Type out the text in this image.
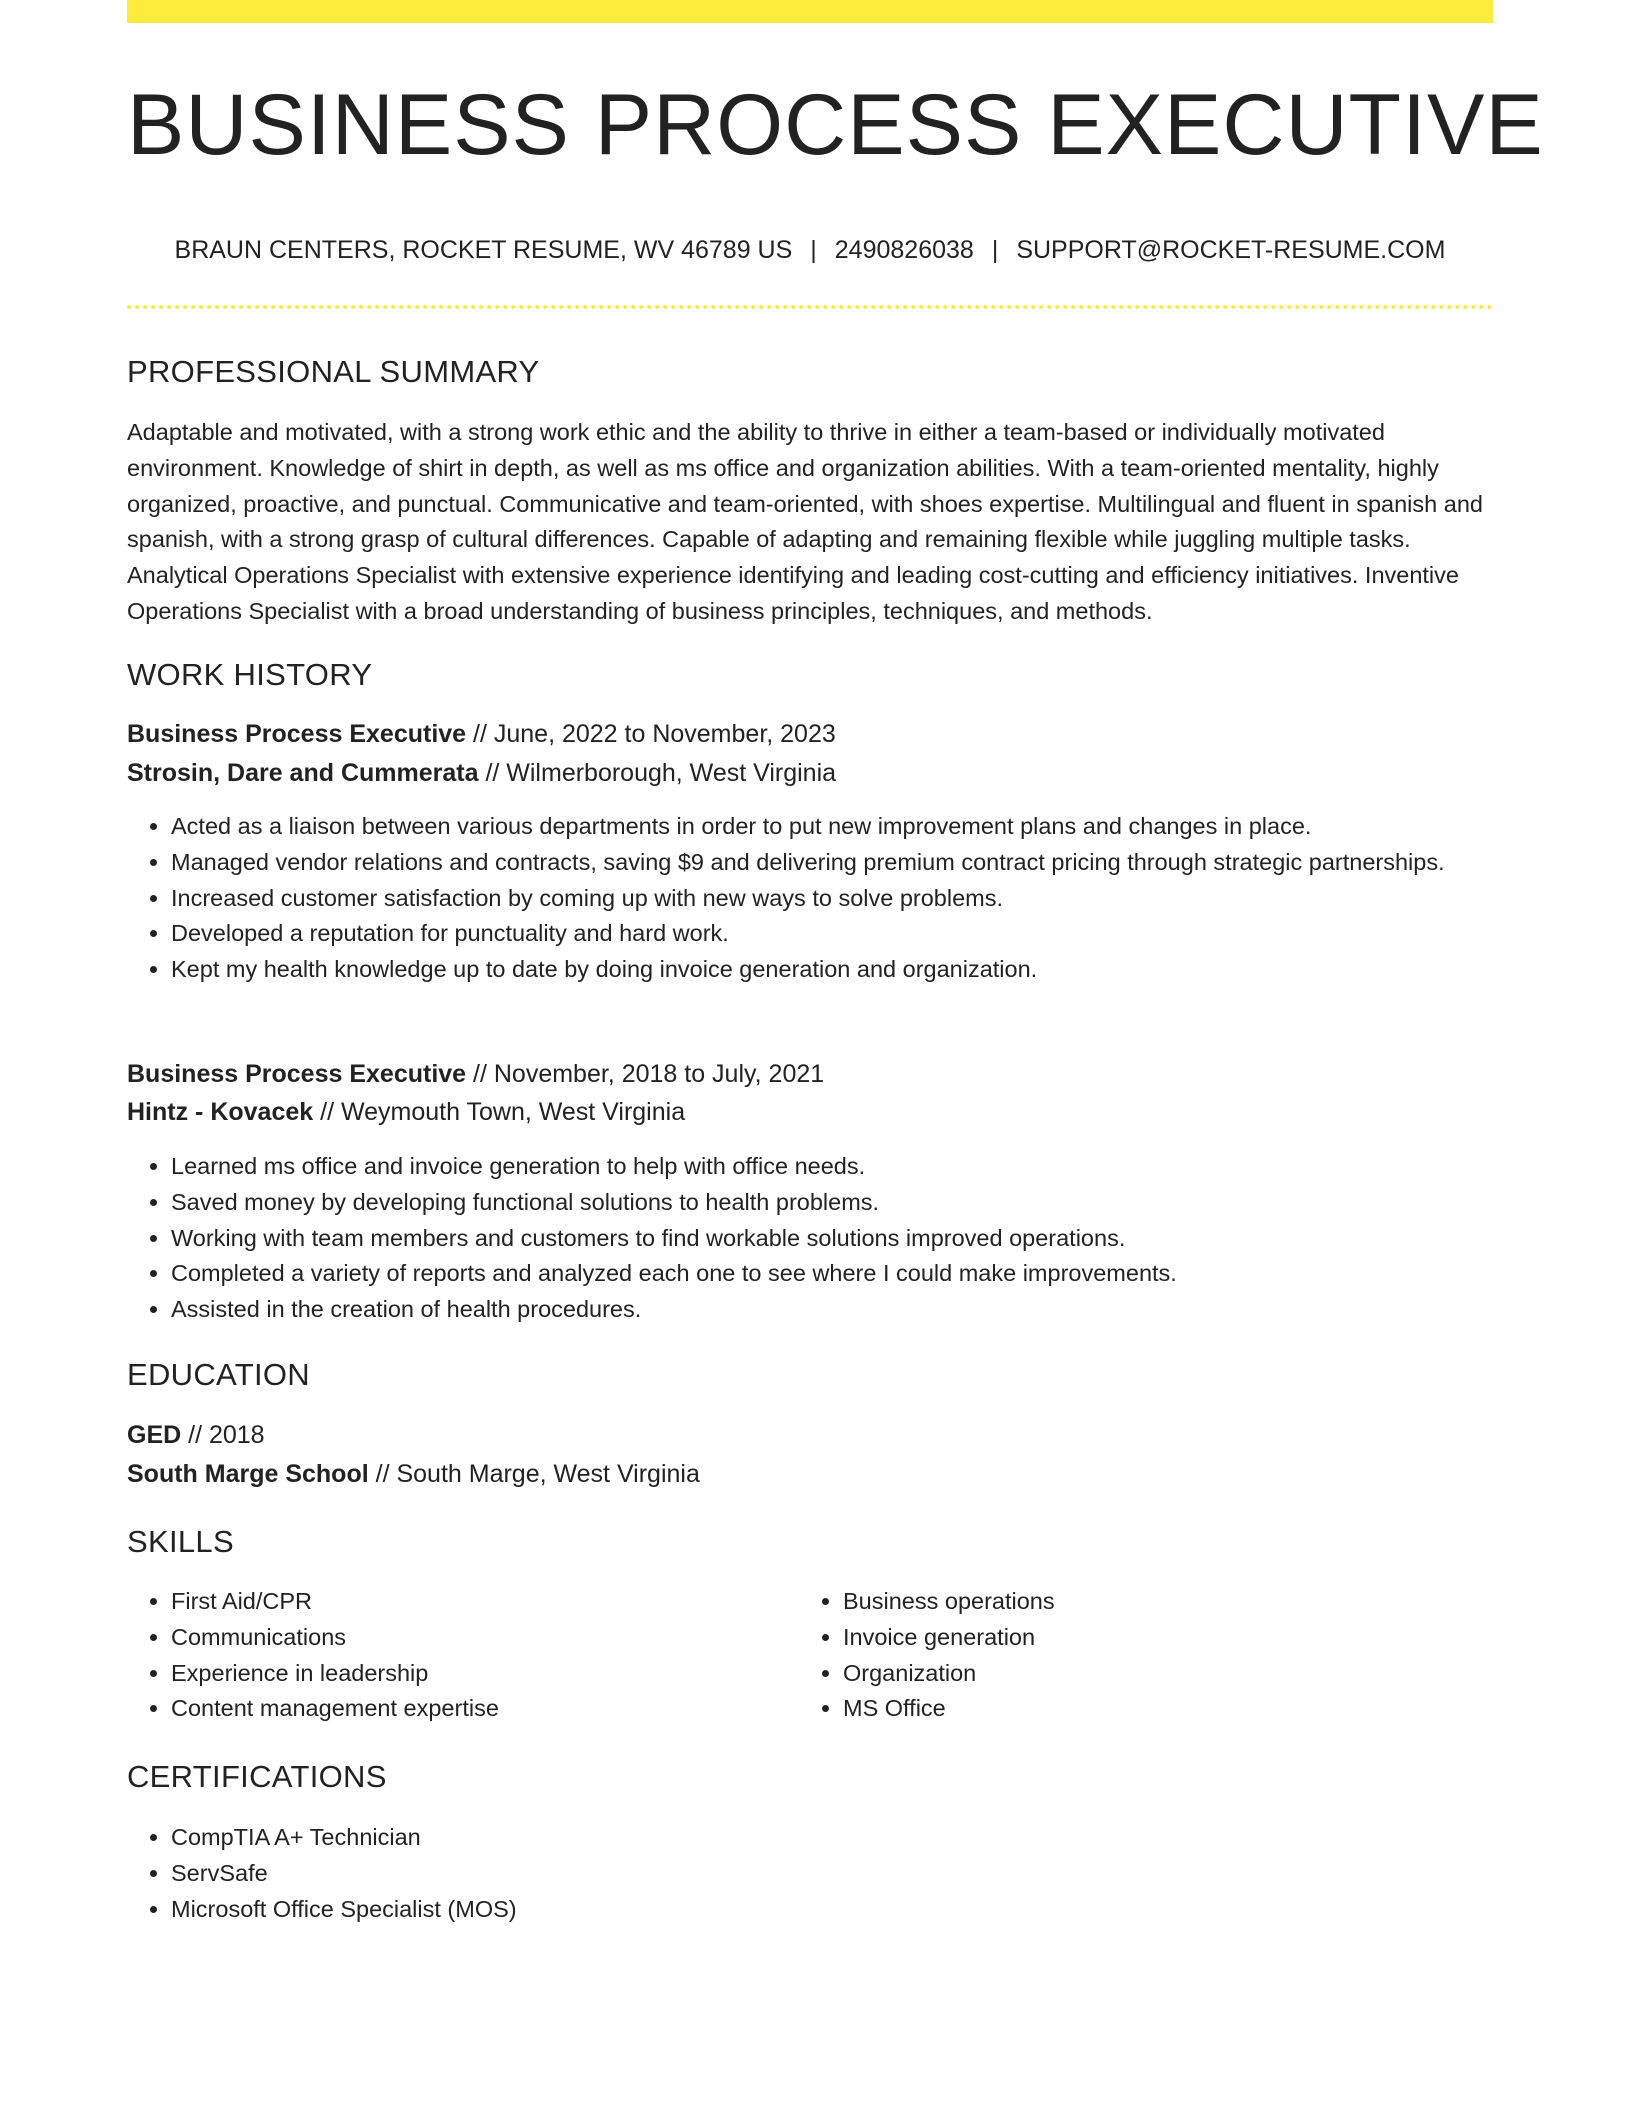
BUSINESS PROCESS EXECUTIVE
BRAUN CENTERS, ROCKET RESUME, WV 46789 US | 2490826038 | SUPPORT@ROCKET-RESUME.COM
PROFESSIONAL SUMMARY

Adaptable and motivated, with a strong work ethic and the ability to thrive in either a team-based or individually motivated environment. Knowledge of shirt in depth, as well as ms office and organization abilities. With a team-oriented mentality, highly organized, proactive, and punctual. Communicative and team-oriented, with shoes expertise. Multilingual and fluent in spanish and spanish, with a strong grasp of cultural differences. Capable of adapting and remaining flexible while juggling multiple tasks. Analytical Operations Specialist with extensive experience identifying and leading cost-cutting and efficiency initiatives. Inventive Operations Specialist with a broad understanding of business principles, techniques, and methods.

WORK HISTORY
Business Process Executive // June, 2022 to November, 2023
Strosin, Dare and Cummerata // Wilmerborough, West Virginia
• Acted as a liaison between various departments in order to put new improvement plans and changes in place.
• Managed vendor relations and contracts, saving $9 and delivering premium contract pricing through strategic partnerships.
• Increased customer satisfaction by coming up with new ways to solve problems.
• Developed a reputation for punctuality and hard work.
• Kept my health knowledge up to date by doing invoice generation and organization.
Business Process Executive // November, 2018 to July, 2021
Hintz - Kovacek // Weymouth Town, West Virginia
• Learned ms office and invoice generation to help with office needs.
• Saved money by developing functional solutions to health problems.
• Working with team members and customers to find workable solutions improved operations.
• Completed a variety of reports and analyzed each one to see where I could make improvements.
• Assisted in the creation of health procedures.
EDUCATION
GED // 2018
South Marge School // South Marge, West Virginia
SKILLS
• First Aid/CPR
• Communications
• Experience in leadership
• Content management expertise
• Business operations
• Invoice generation
• Organization
• MS Office
CERTIFICATIONS
• CompTIA A+ Technician
• ServSafe
• Microsoft Office Specialist (MOS)
